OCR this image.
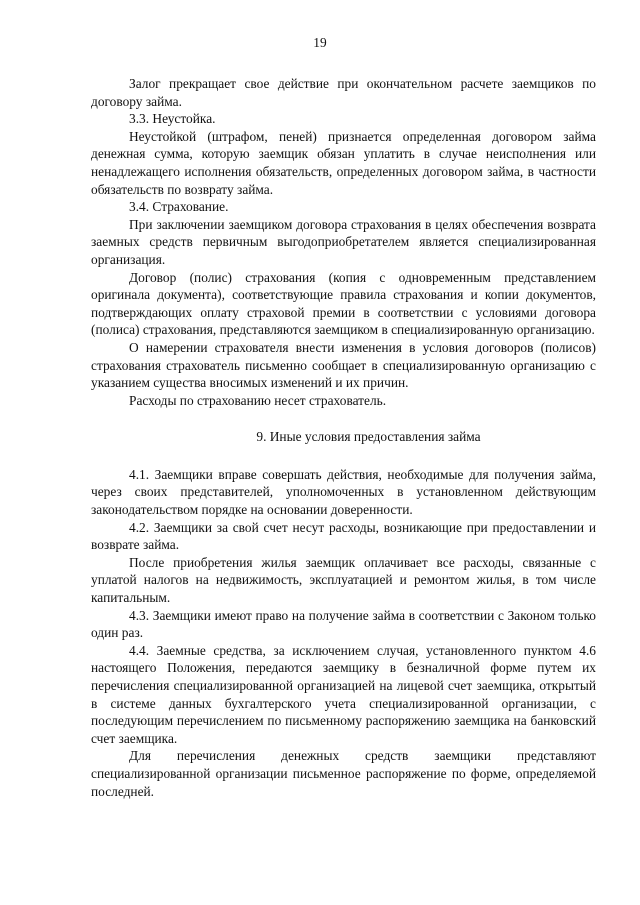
19

Залог прекращает свое действие при окончательном расчете заемщиков по договору займа.

3.3. Неустойка.

Неустойкой (штрафом, пеней) признается определенная договором займа денежная сумма, которую заемщик обязан уплатить в случае неисполнения или ненадлежащего исполнения обязательств, определенных договором займа, в частности обязательств по возврату займа.

3.4. Страхование.

При заключении заемщиком договора страхования в целях обеспечения возврата заемных средств первичным выгодоприобретателем является специализированная организация.

Договор (полис) страхования (копия с одновременным представлением оригинала документа), соответствующие правила страхования и копии документов, подтверждающих оплату страховой премии в соответствии с условиями договора (полиса) страхования, представляются заемщиком в специализированную организацию.

О намерении страхователя внести изменения в условия договоров (полисов) страхования страхователь письменно сообщает в специализированную организацию с указанием существа вносимых изменений и их причин.

Расходы по страхованию несет страхователь.

9. Иные условия предоставления займа

4.1. Заемщики вправе совершать действия, необходимые для получения займа, через своих представителей, уполномоченных в установленном действующим законодательством порядке на основании доверенности.

4.2. Заемщики за свой счет несут расходы, возникающие при предоставлении и возврате займа.

После приобретения жилья заемщик оплачивает все расходы, связанные с уплатой налогов на недвижимость, эксплуатацией и ремонтом жилья, в том числе капитальным.

4.3. Заемщики имеют право на получение займа в соответствии с Законом только один раз.

4.4. Заемные средства, за исключением случая, установленного пунктом 4.6 настоящего Положения, передаются заемщику в безналичной форме путем их перечисления специализированной организацией на лицевой счет заемщика, открытый в системе данных бухгалтерского учета специализированной организации, с последующим перечислением по письменному распоряжению заемщика на банковский счет заемщика.

Для перечисления денежных средств заемщики представляют специализированной организации письменное распоряжение по форме, определяемой последней.
